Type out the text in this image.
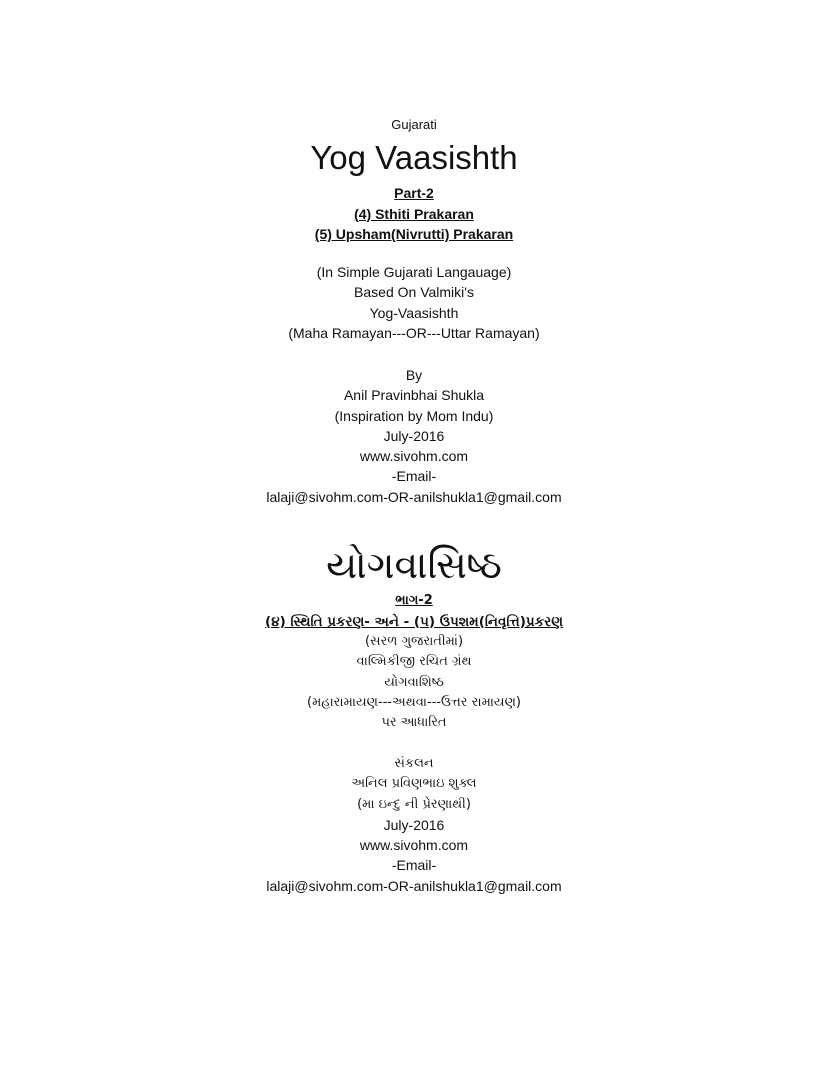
Gujarati
Yog Vaasishth
Part-2
(4) Sthiti Prakaran
(5) Upsham(Nivrutti) Prakaran
(In Simple Gujarati Langauage)
Based On Valmiki's
Yog-Vaasishth
(Maha Ramayan---OR---Uttar Ramayan)
By
Anil Pravinbhai Shukla
(Inspiration by Mom Indu)
July-2016
www.sivohm.com
-Email-
lalaji@sivohm.com-OR-anilshukla1@gmail.com
યોગવાસિષ્ઠ
ભાગ-2
(૪) સ્થિતિ પ્રકરણ- અને - (૫) ઉપશમ(નિવૃત્તિ)પ્રકરણ
(સરળ ગુજરાતીમાં)
વાલ્મિકીજી રચિત ગ્રંથ
યોગવાશિષ્ઠ
(મહારામાયણ---અથવા---ઉત્તર રામાયણ)
પર આધારિત
સંકલન
અનિલ પ્રવિણભાઇ શુક્લ
(મા ઇન્દુ ની પ્રેરણાથી)
July-2016
www.sivohm.com
-Email-
lalaji@sivohm.com-OR-anilshukla1@gmail.com
